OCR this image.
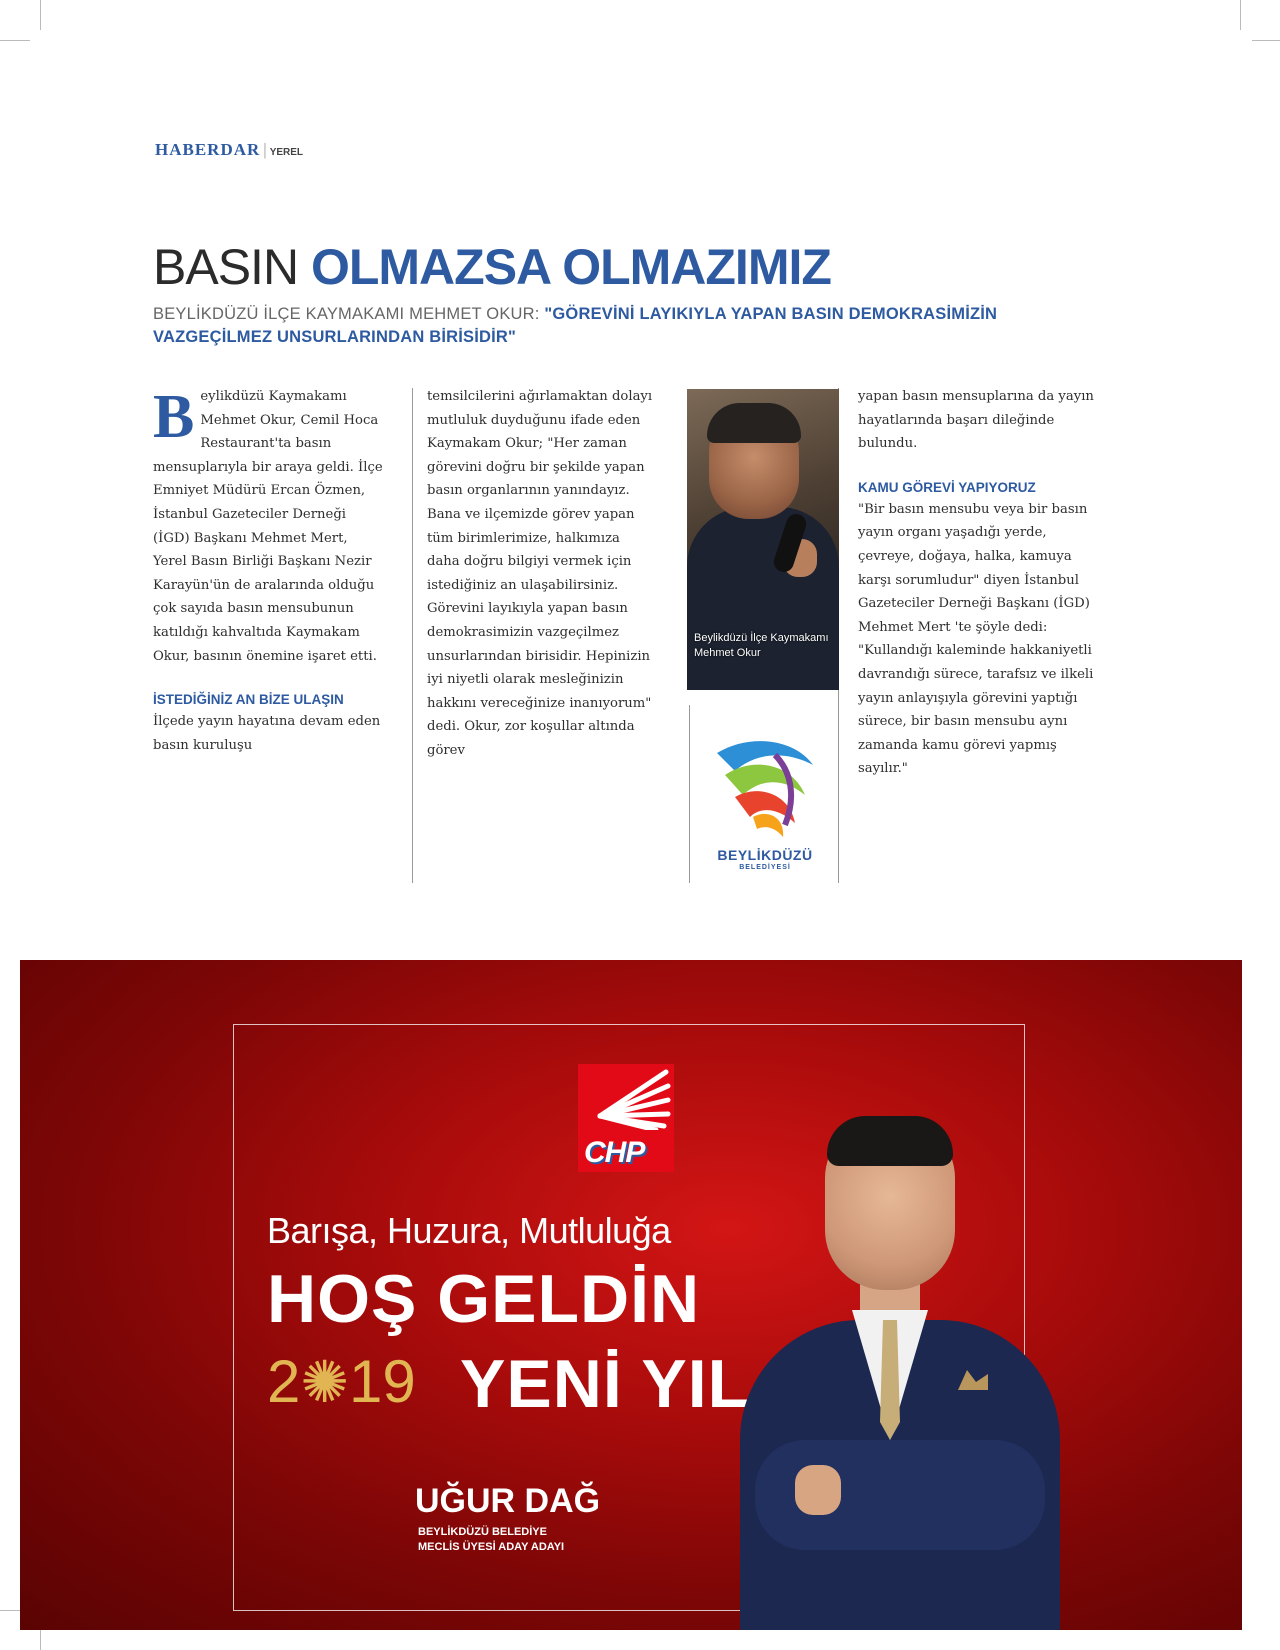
HABERDAR | YEREL
BASIN OLMAZSA OLMAZIMIZ
BEYLİKDÜZÜ İLÇE KAYMAKAMI MEHMET OKUR: "GÖREVİNİ LAYIKIYLA YAPAN BASIN DEMOKRASİMİZİN VAZGEÇİLMEZ UNSURLARINDAN BİRİSİDİR"
B eylikdüzü Kaymakamı Mehmet Okur, Cemil Hoca Restaurant'ta basın mensuplarıyla bir araya geldi. İlçe Emniyet Müdürü Ercan Özmen, İstanbul Gazeteciler Derneği (İGD) Başkanı Mehmet Mert, Yerel Basın Birliği Başkanı Nezir Karayün'ün de aralarında olduğu çok sayıda basın mensubunun katıldığı kahvaltıda Kaymakam Okur, basının önemine işaret etti.

İSTEDİĞİNİZ AN BİZE ULAŞIN

İlçede yayın hayatına devam eden basın kuruluşu

temsilcilerini ağırlamaktan dolayı mutluluk duyduğunu ifade eden Kaymakam Okur; "Her zaman görevini doğru bir şekilde yapan basın organlarının yanındayız. Bana ve ilçemizde görev yapan tüm birimlerimize, halkımıza daha doğru bilgiyi vermek için istediğiniz an ulaşabilirsiniz. Görevini layıkıyla yapan basın demokrasimizin vazgeçilmez unsurlarından birisidir. Hepinizin iyi niyetli olarak mesleğinizin hakkını vereceğinize inanıyorum" dedi. Okur, zor koşullar altında görev

Beylikdüzü İlçe Kaymakamı Mehmet Okur
BEYLİKDÜZÜ
BELEDİYESİ

yapan basın mensuplarına da yayın hayatlarında başarı dileğinde bulundu.

KAMU GÖREVİ YAPIYORUZ

"Bir basın mensubu veya bir basın yayın organı yaşadığı yerde, çevreye, doğaya, halka, kamuya karşı sorumludur" diyen İstanbul Gazeteciler Derneği Başkanı (İGD) Mehmet Mert 'te şöyle dedi: "Kullandığı kaleminde hakkaniyetli davrandığı sürece, tarafsız ve ilkeli yayın anlayışıyla görevini yaptığı sürece, bir basın mensubu aynı zamanda kamu görevi yapmış sayılır."

CHP
Barışa, Huzura, Mutluluğa
HOŞ GELDİN
2✺19 YENİ YIL
UĞUR DAĞ
BEYLİKDÜZÜ BELEDİYE
MECLİS ÜYESİ ADAY ADAYI
